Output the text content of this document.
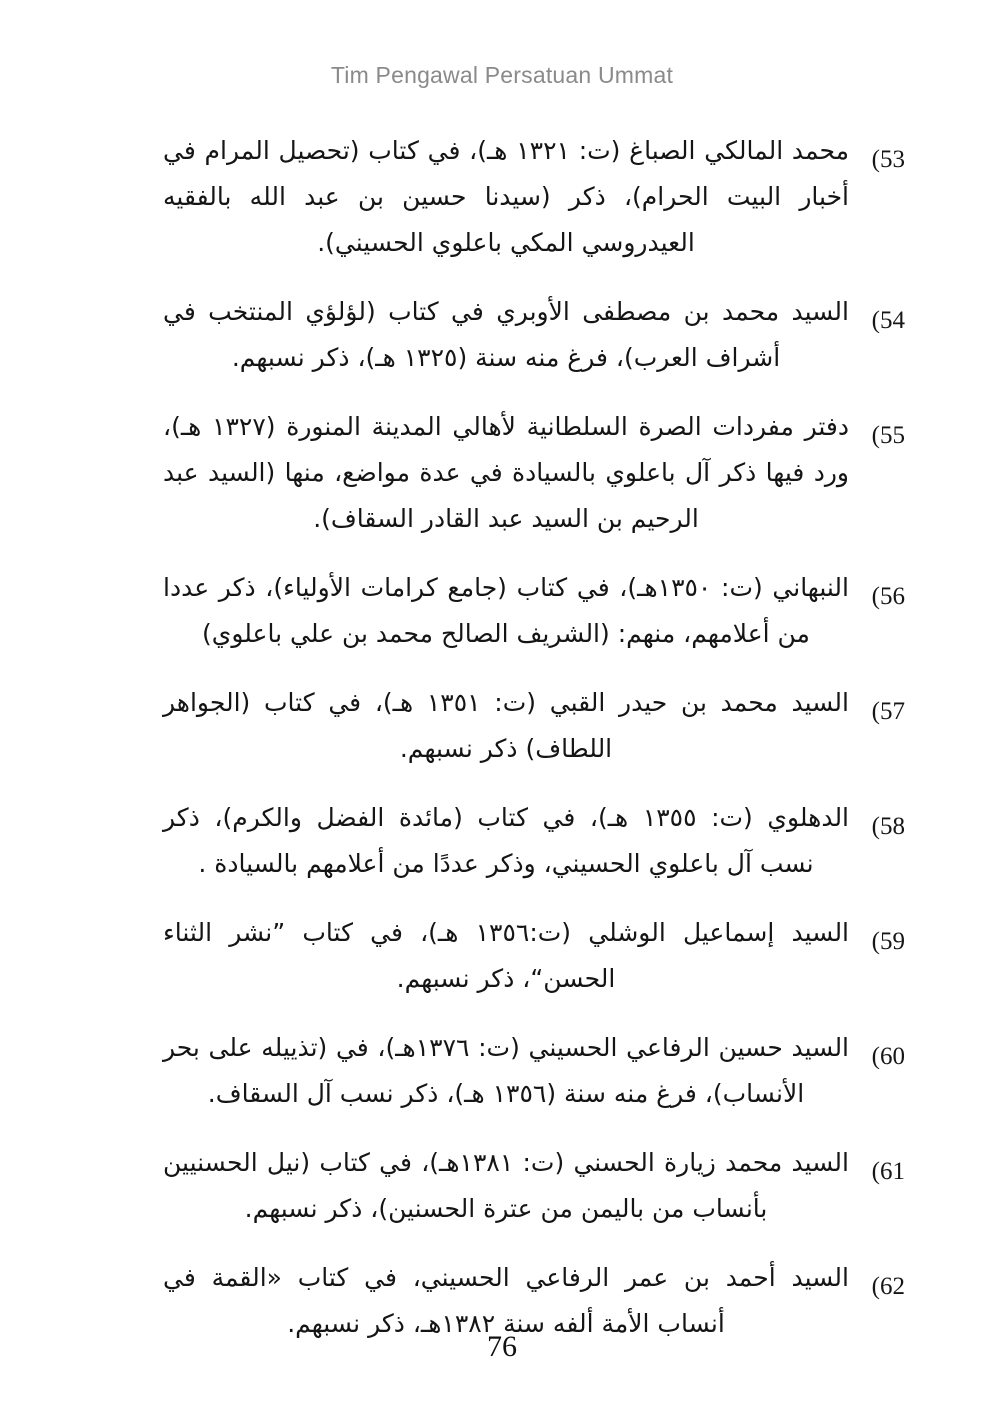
Tim Pengawal Persatuan Ummat
53)
محمد المالكي الصباغ (ت: ١٣٢١ هـ)، في كتاب (تحصيل المرام في أخبار البيت الحرام)، ذكر (سيدنا حسين بن عبد الله بالفقيه العيدروسي المكي باعلوي الحسيني).
54)
السيد محمد بن مصطفى الأوبري في كتاب (لؤلؤي المنتخب في أشراف العرب)، فرغ منه سنة (١٣٢٥ هـ)، ذكر نسبهم.
55)
دفتر مفردات الصرة السلطانية لأهالي المدينة المنورة (١٣٢٧ هـ)، ورد فيها ذكر آل باعلوي بالسيادة في عدة مواضع، منها (السيد عبد الرحيم بن السيد عبد القادر السقاف).
56)
النبهاني (ت: ١٣٥٠هـ)، في كتاب (جامع كرامات الأولياء)، ذكر عددا من أعلامهم، منهم: (الشريف الصالح محمد بن علي باعلوي)
57)
السيد محمد بن حيدر القبي (ت: ١٣٥١ هـ)، في كتاب (الجواهر اللطاف) ذكر نسبهم.
58)
الدهلوي (ت: ١٣٥٥ هـ)، في كتاب (مائدة الفضل والكرم)، ذكر نسب آل باعلوي الحسيني، وذكر عددًا من أعلامهم بالسيادة .
59)
السيد إسماعيل الوشلي (ت:١٣٥٦ هـ)، في كتاب ”نشر الثناء الحسن“، ذكر نسبهم.
60)
السيد حسين الرفاعي الحسيني (ت: ١٣٧٦هـ)، في (تذييله على بحر الأنساب)، فرغ منه سنة (١٣٥٦ هـ)، ذكر نسب آل السقاف.
61)
السيد محمد زيارة الحسني (ت: ١٣٨١هـ)، في كتاب (نيل الحسنيين بأنساب من باليمن من عترة الحسنين)، ذكر نسبهم.
62)
السيد أحمد بن عمر الرفاعي الحسيني، في كتاب «القمة في أنساب الأمة ألفه سنة ١٣٨٢هـ، ذكر نسبهم.
76
